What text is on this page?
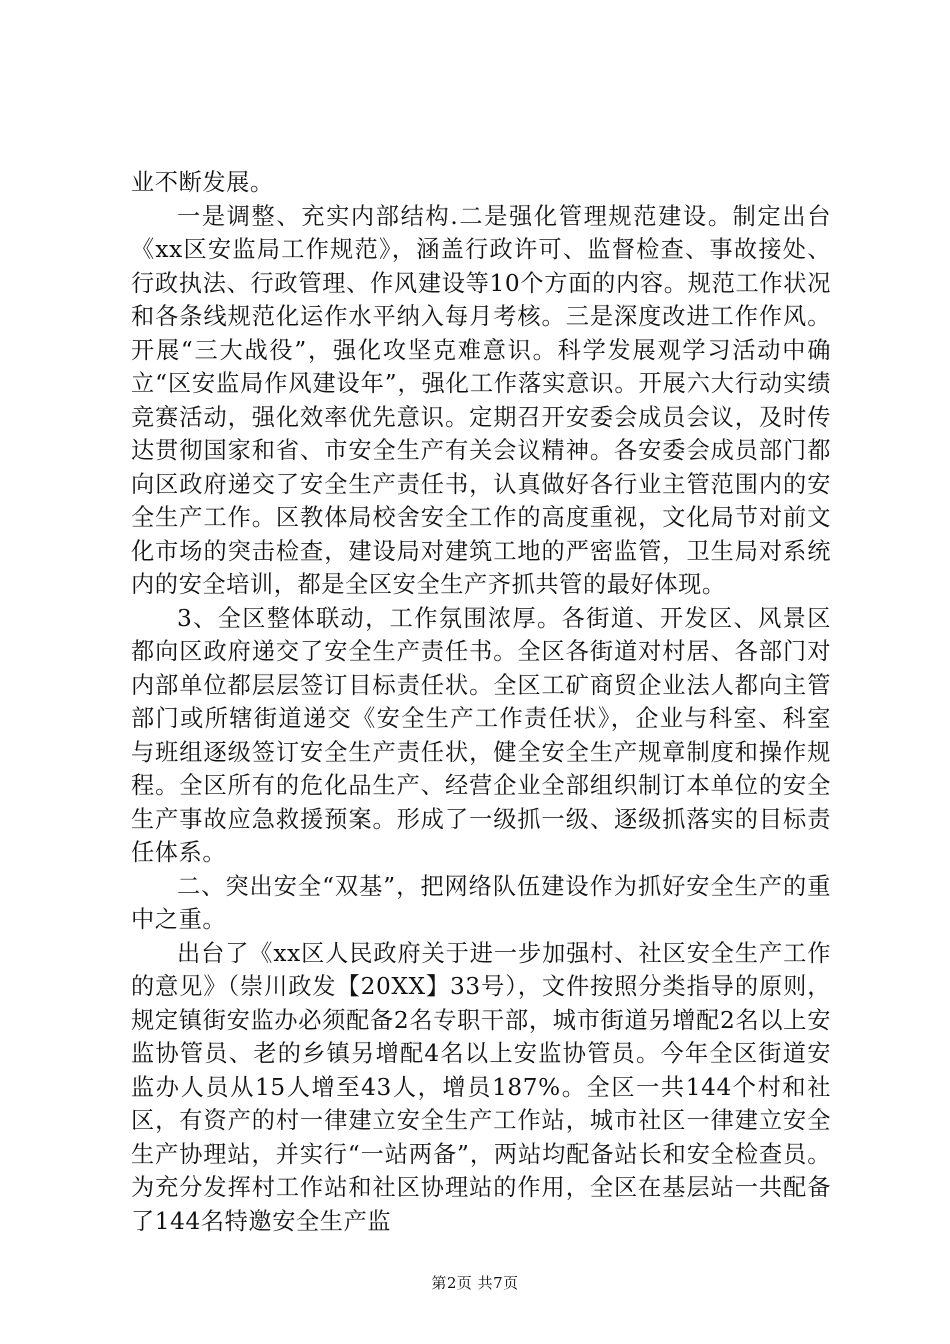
业不断发展。

一是调整、充实内部结构.二是强化管理规范建设。制定出台《xx区安监局工作规范》，涵盖行政许可、监督检查、事故接处、行政执法、行政管理、作风建设等10个方面的内容。规范工作状况和各条线规范化运作水平纳入每月考核。三是深度改进工作作风。开展“三大战役”，强化攻坚克难意识。科学发展观学习活动中确立“区安监局作风建设年”，强化工作落实意识。开展六大行动实绩竞赛活动，强化效率优先意识。定期召开安委会成员会议，及时传达贯彻国家和省、市安全生产有关会议精神。各安委会成员部门都向区政府递交了安全生产责任书，认真做好各行业主管范围内的安全生产工作。区教体局校舍安全工作的高度重视，文化局节对前文化市场的突击检查，建设局对建筑工地的严密监管，卫生局对系统内的安全培训，都是全区安全生产齐抓共管的最好体现。

3、全区整体联动，工作氛围浓厚。各街道、开发区、风景区都向区政府递交了安全生产责任书。全区各街道对村居、各部门对内部单位都层层签订目标责任状。全区工矿商贸企业法人都向主管部门或所辖街道递交《安全生产工作责任状》，企业与科室、科室与班组逐级签订安全生产责任状，健全安全生产规章制度和操作规程。全区所有的危化品生产、经营企业全部组织制订本单位的安全生产事故应急救援预案。形成了一级抓一级、逐级抓落实的目标责任体系。

二、突出安全“双基”，把网络队伍建设作为抓好安全生产的重中之重。

出台了《xx区人民政府关于进一步加强村、社区安全生产工作的意见》（崇川政发【20XX】33号），文件按照分类指导的原则，规定镇街安监办必须配备2名专职干部，城市街道另增配2名以上安监协管员、老的乡镇另增配4名以上安监协管员。今年全区街道安监办人员从15人增至43人，增员187%。全区一共144个村和社区，有资产的村一律建立安全生产工作站，城市社区一律建立安全生产协理站，并实行“一站两备”，两站均配备站长和安全检查员。为充分发挥村工作站和社区协理站的作用，全区在基层站一共配备了144名特邀安全生产监

第2页 共7页
